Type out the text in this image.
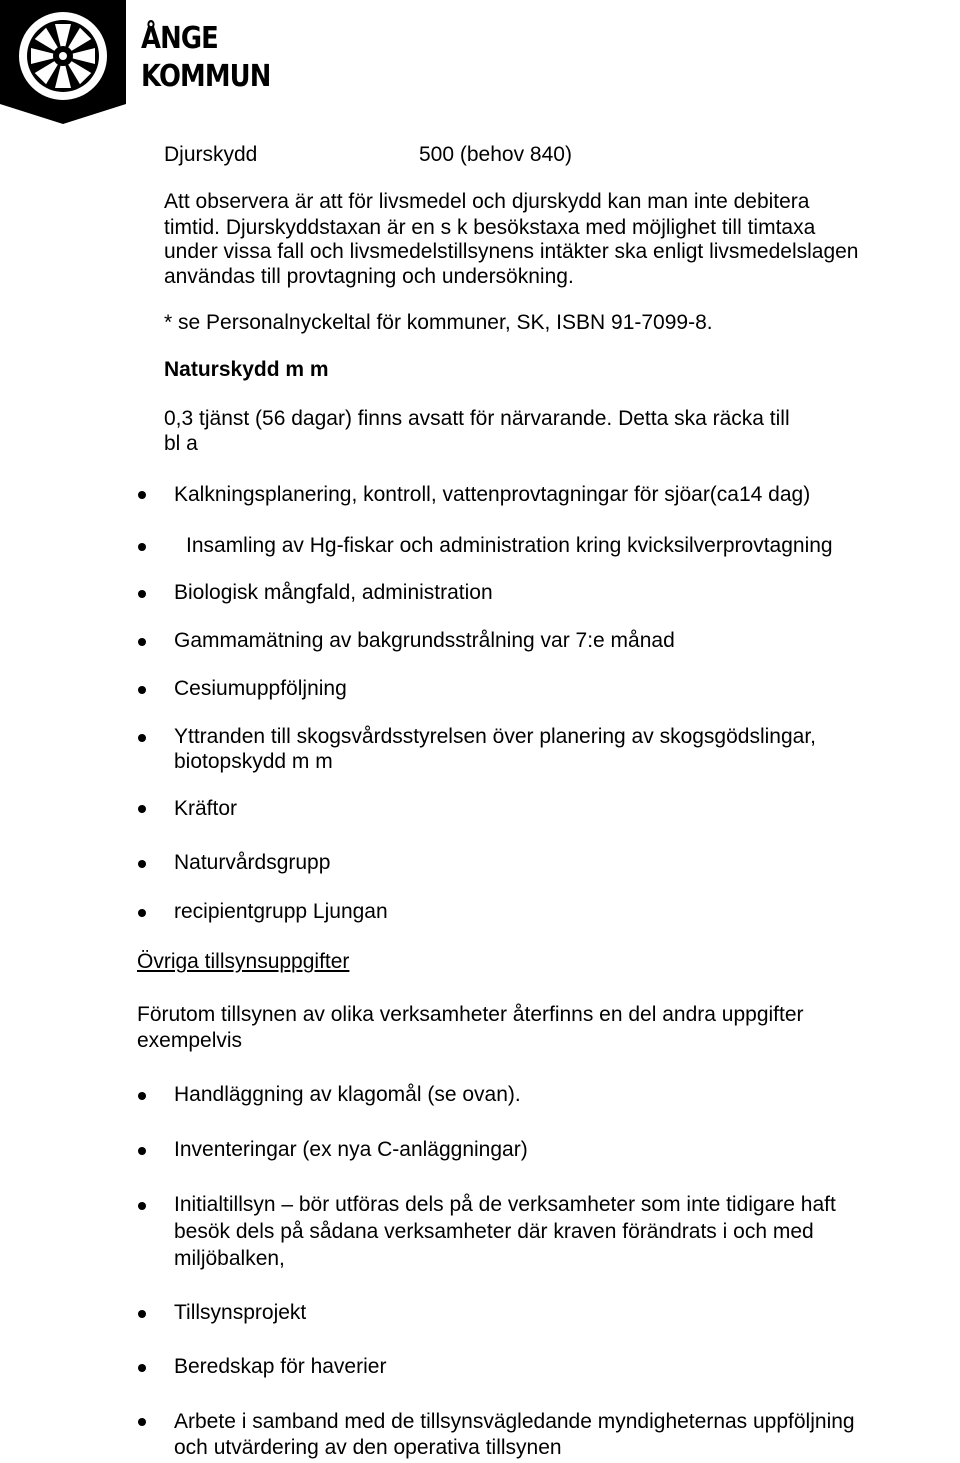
ÅNGE
KOMMUN
Djurskydd	500 (behov 840)
Att observera är att för livsmedel och djurskydd kan man inte debitera
timtid. Djurskyddstaxan är en s k besökstaxa med möjlighet till timtaxa
under vissa fall och livsmedelstillsynens intäkter ska enligt livsmedelslagen
användas till provtagning och undersökning.
* se Personalnyckeltal för kommuner, SK, ISBN 91-7099-8.
Naturskydd m m
0,3 tjänst (56 dagar) finns avsatt för närvarande. Detta ska räcka till
bl a
Kalkningsplanering, kontroll, vattenprovtagningar för sjöar(ca14 dag)
Insamling av Hg-fiskar och administration kring kvicksilverprovtagning
Biologisk mångfald, administration
Gammamätning av bakgrundsstrålning var 7:e månad
Cesiumuppföljning
Yttranden till skogsvårdsstyrelsen över planering av skogsgödslingar,
biotopskydd m m
Kräftor
Naturvårdsgrupp
recipientgrupp Ljungan
Övriga tillsynsuppgifter
Förutom tillsynen av olika verksamheter återfinns en del andra uppgifter
exempelvis
Handläggning av klagomål (se ovan).
Inventeringar (ex nya C-anläggningar)
Initialtillsyn – bör utföras dels på de verksamheter som inte tidigare haft
besök dels på sådana verksamheter där kraven förändrats i och med
miljöbalken,
Tillsynsprojekt
Beredskap för haverier
Arbete i samband med de tillsynsvägledande myndigheternas uppföljning
och utvärdering av den operativa tillsynen
